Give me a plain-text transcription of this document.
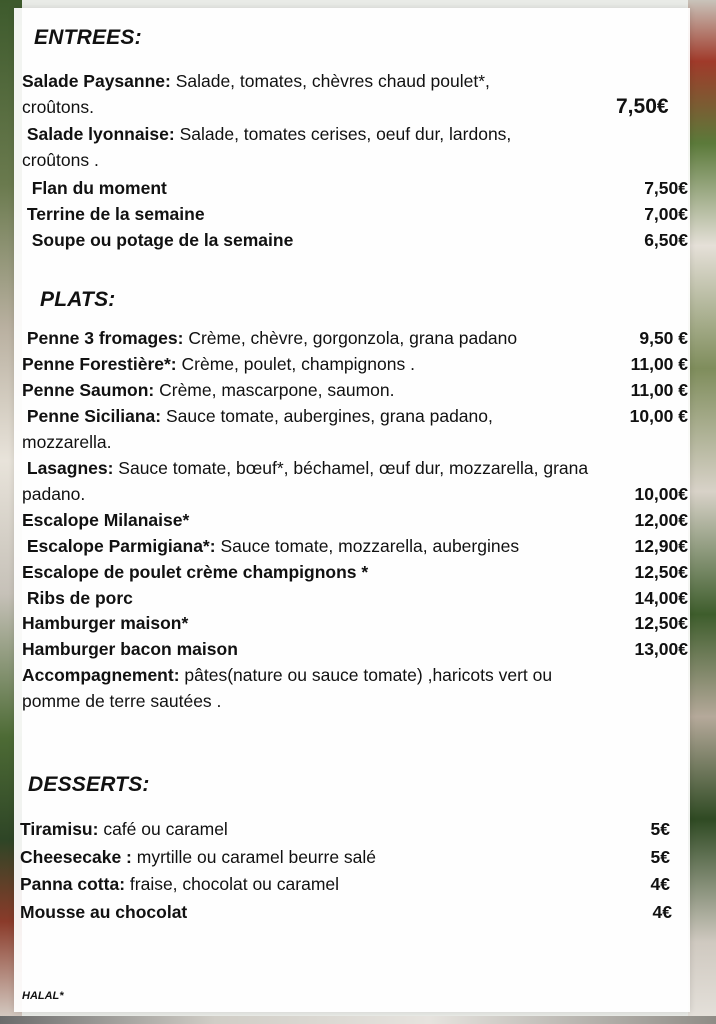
ENTREES:
Salade Paysanne: Salade, tomates, chèvres chaud poulet*,
croûtons.	7,50€
Salade lyonnaise: Salade, tomates cerises, oeuf dur, lardons,
croûtons .
Flan du moment	7,50€
Terrine de la semaine	7,00€
Soupe ou potage de la semaine	6,50€
PLATS:
Penne 3 fromages: Crème, chèvre, gorgonzola, grana padano	9,50 €
Penne Forestière*: Crème, poulet, champignons .	11,00 €
Penne Saumon: Crème, mascarpone, saumon.	11,00 €
Penne Siciliana: Sauce tomate, aubergines, grana padano,	10,00 €
mozzarella.
Lasagnes: Sauce tomate, bœuf*, béchamel, œuf dur, mozzarella, grana
padano.	10,00€
Escalope Milanaise*	12,00€
Escalope Parmigiana*: Sauce tomate, mozzarella, aubergines	12,90€
Escalope de poulet crème champignons *	12,50€
Ribs de porc	14,00€
Hamburger maison*	12,50€
Hamburger bacon maison	13,00€
Accompagnement: pâtes(nature ou sauce tomate) ,haricots vert ou
pomme de terre sautées .
DESSERTS:
Tiramisu: café ou caramel	5€
Cheesecake : myrtille ou caramel beurre salé	5€
Panna cotta: fraise, chocolat ou caramel	4€
Mousse au chocolat	4€
HALAL*
